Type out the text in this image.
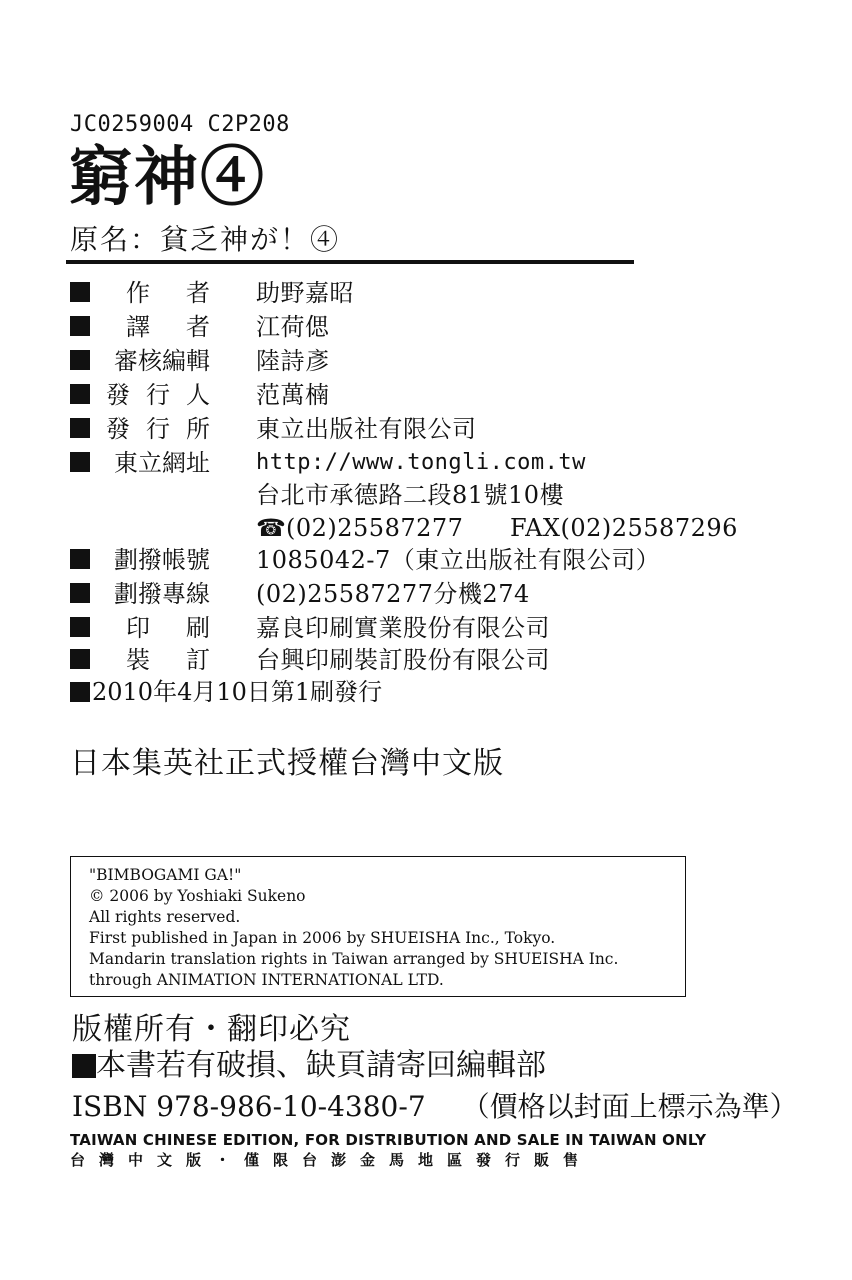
JC0259004 C2P208
窮神④
原名：貧乏神が！④
作 者 助野嘉昭
譯 者 江荷偲
審核編輯 陸詩彥
發 行 人 范萬楠
發 行 所 東立出版社有限公司
東立網址 http://www.tongli.com.tw
台北市承德路二段81號10樓
☎(02)25587277 FAX(02)25587296
劃撥帳號 1085042-7（東立出版社有限公司）
劃撥專線 (02)25587277分機274
印 刷 嘉良印刷實業股份有限公司
裝 訂 台興印刷裝訂股份有限公司
2010年4月10日第1刷發行
日本集英社正式授權台灣中文版
"BIMBOGAMI GA!"
© 2006 by Yoshiaki Sukeno
All rights reserved.
First published in Japan in 2006 by SHUEISHA Inc., Tokyo.
Mandarin translation rights in Taiwan arranged by SHUEISHA Inc.
through ANIMATION INTERNATIONAL LTD.
版權所有・翻印必究
本書若有破損、缺頁請寄回編輯部
ISBN 978-986-10-4380-7 （價格以封面上標示為準）
TAIWAN CHINESE EDITION, FOR DISTRIBUTION AND SALE IN TAIWAN ONLY
台灣中文版・僅限台澎金馬地區發行販售
